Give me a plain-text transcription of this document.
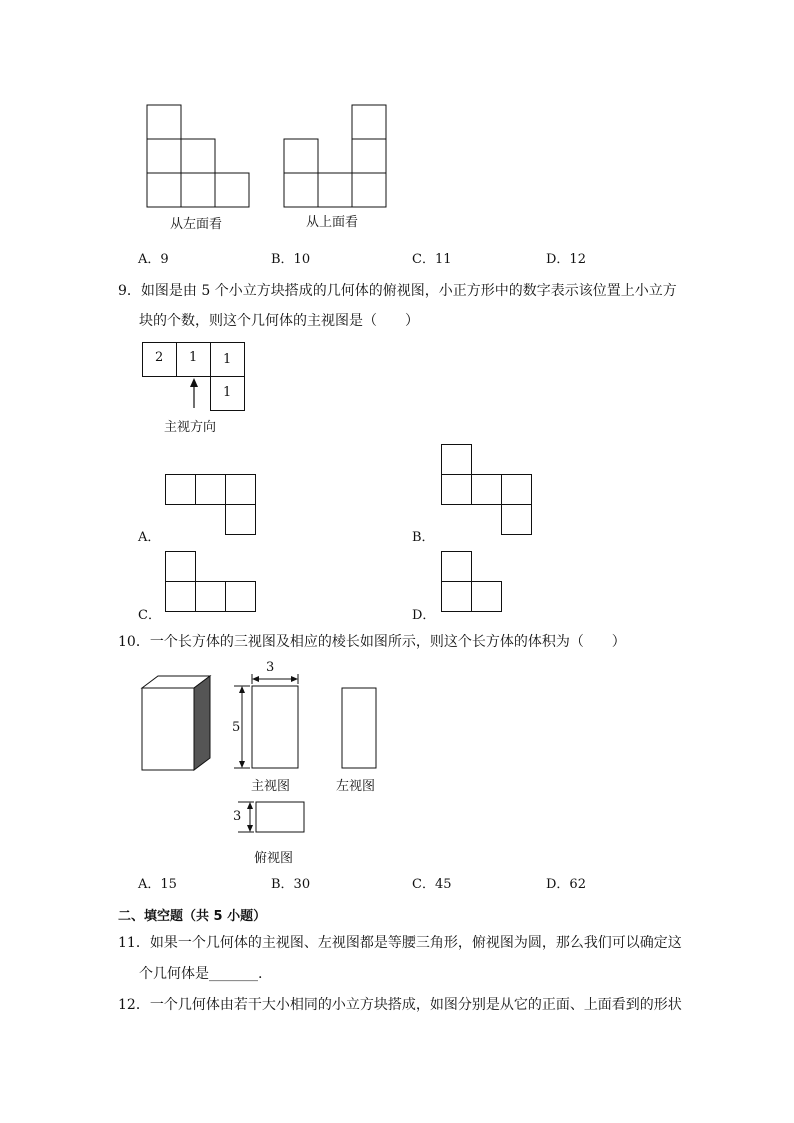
从左面看	从上面看
A．9	B．10	C．11	D．12
9．如图是由 5 个小立方块搭成的几何体的俯视图，小正方形中的数字表示该位置上小立方
块的个数，则这个几何体的主视图是（　　）
2 1 1
1
主视方向
A．	B．
C．	D．
10．一个长方体的三视图及相应的棱长如图所示，则这个长方体的体积为（　　）
3
5
主视图	左视图
3
俯视图
A．15	B．30	C．45	D．62
二、填空题（共 5 小题）
11．如果一个几何体的主视图、左视图都是等腰三角形，俯视图为圆，那么我们可以确定这
个几何体是_______.
12．一个几何体由若干大小相同的小立方块搭成，如图分别是从它的正面、上面看到的形状
